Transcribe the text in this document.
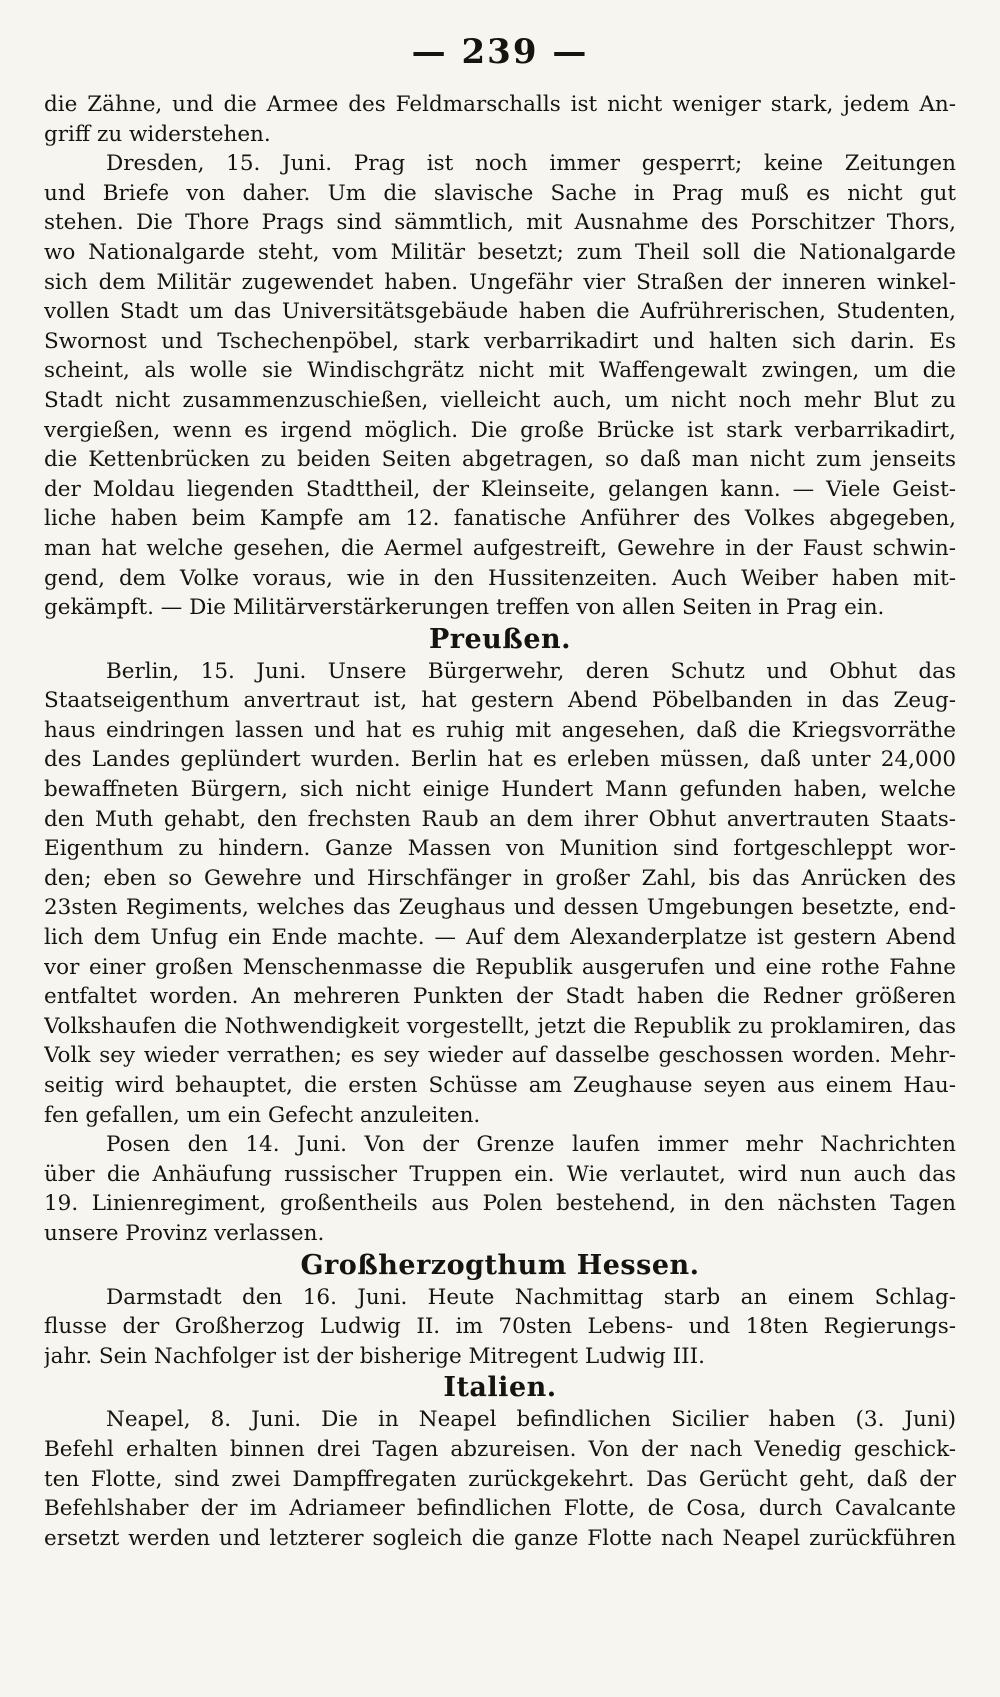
— 239 —
die Zähne, und die Armee des Feldmarschalls ist nicht weniger stark, jedem An-
griff zu widerstehen.
Dresden, 15. Juni. Prag ist noch immer gesperrt; keine Zeitungen
und Briefe von daher. Um die slavische Sache in Prag muß es nicht gut
stehen. Die Thore Prags sind sämmtlich, mit Ausnahme des Porschitzer Thors,
wo Nationalgarde steht, vom Militär besetzt; zum Theil soll die Nationalgarde
sich dem Militär zugewendet haben. Ungefähr vier Straßen der inneren winkel-
vollen Stadt um das Universitätsgebäude haben die Aufrührerischen, Studenten,
Swornost und Tschechenpöbel, stark verbarrikadirt und halten sich darin. Es
scheint, als wolle sie Windischgrätz nicht mit Waffengewalt zwingen, um die
Stadt nicht zusammenzuschießen, vielleicht auch, um nicht noch mehr Blut zu
vergießen, wenn es irgend möglich. Die große Brücke ist stark verbarrikadirt,
die Kettenbrücken zu beiden Seiten abgetragen, so daß man nicht zum jenseits
der Moldau liegenden Stadttheil, der Kleinseite, gelangen kann. — Viele Geist-
liche haben beim Kampfe am 12. fanatische Anführer des Volkes abgegeben,
man hat welche gesehen, die Aermel aufgestreift, Gewehre in der Faust schwin-
gend, dem Volke voraus, wie in den Hussitenzeiten. Auch Weiber haben mit-
gekämpft. — Die Militärverstärkerungen treffen von allen Seiten in Prag ein.
Preußen.
Berlin, 15. Juni. Unsere Bürgerwehr, deren Schutz und Obhut das
Staatseigenthum anvertraut ist, hat gestern Abend Pöbelbanden in das Zeug-
haus eindringen lassen und hat es ruhig mit angesehen, daß die Kriegsvorräthe
des Landes geplündert wurden. Berlin hat es erleben müssen, daß unter 24,000
bewaffneten Bürgern, sich nicht einige Hundert Mann gefunden haben, welche
den Muth gehabt, den frechsten Raub an dem ihrer Obhut anvertrauten Staats-
Eigenthum zu hindern. Ganze Massen von Munition sind fortgeschleppt wor-
den; eben so Gewehre und Hirschfänger in großer Zahl, bis das Anrücken des
23sten Regiments, welches das Zeughaus und dessen Umgebungen besetzte, end-
lich dem Unfug ein Ende machte. — Auf dem Alexanderplatze ist gestern Abend
vor einer großen Menschenmasse die Republik ausgerufen und eine rothe Fahne
entfaltet worden. An mehreren Punkten der Stadt haben die Redner größeren
Volkshaufen die Nothwendigkeit vorgestellt, jetzt die Republik zu proklamiren, das
Volk sey wieder verrathen; es sey wieder auf dasselbe geschossen worden. Mehr-
seitig wird behauptet, die ersten Schüsse am Zeughause seyen aus einem Hau-
fen gefallen, um ein Gefecht anzuleiten.
Posen den 14. Juni. Von der Grenze laufen immer mehr Nachrichten
über die Anhäufung russischer Truppen ein. Wie verlautet, wird nun auch das
19. Linienregiment, großentheils aus Polen bestehend, in den nächsten Tagen
unsere Provinz verlassen.
Großherzogthum Hessen.
Darmstadt den 16. Juni. Heute Nachmittag starb an einem Schlag-
flusse der Großherzog Ludwig II. im 70sten Lebens- und 18ten Regierungs-
jahr. Sein Nachfolger ist der bisherige Mitregent Ludwig III.
Italien.
Neapel, 8. Juni. Die in Neapel befindlichen Sicilier haben (3. Juni)
Befehl erhalten binnen drei Tagen abzureisen. Von der nach Venedig geschick-
ten Flotte, sind zwei Dampffregaten zurückgekehrt. Das Gerücht geht, daß der
Befehlshaber der im Adriameer befindlichen Flotte, de Cosa, durch Cavalcante
ersetzt werden und letzterer sogleich die ganze Flotte nach Neapel zurückführen
